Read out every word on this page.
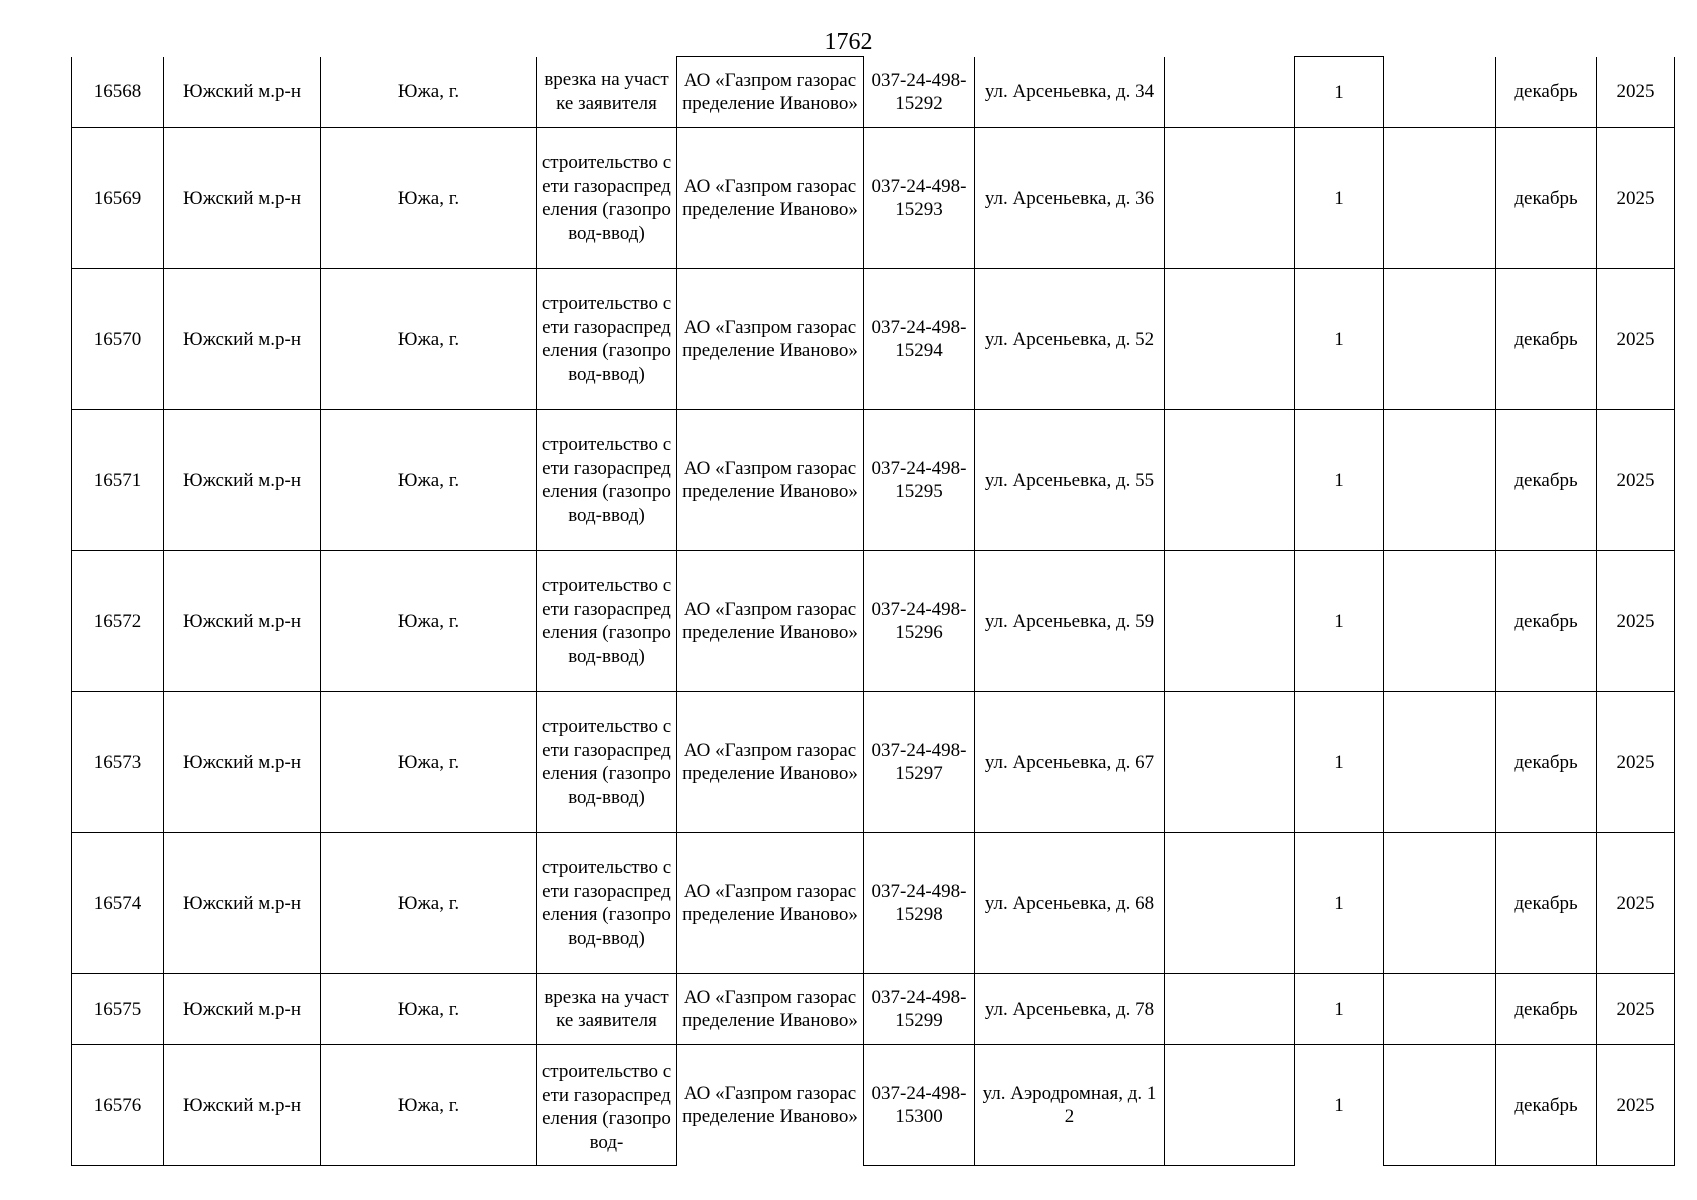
1762
16568	Южский м.р-н	Южа, г.	врезка на участке заявителя	АО «Газпром газораспределение Иваново»	037-24-498-15292	ул. Арсеньевка, д. 34		1		декабрь	2025
16569	Южский м.р-н	Южа, г.	строительство сети газораспределения (газопровод-ввод)	АО «Газпром газораспределение Иваново»	037-24-498-15293	ул. Арсеньевка, д. 36		1		декабрь	2025
16570	Южский м.р-н	Южа, г.	строительство сети газораспределения (газопровод-ввод)	АО «Газпром газораспределение Иваново»	037-24-498-15294	ул. Арсеньевка, д. 52		1		декабрь	2025
16571	Южский м.р-н	Южа, г.	строительство сети газораспределения (газопровод-ввод)	АО «Газпром газораспределение Иваново»	037-24-498-15295	ул. Арсеньевка, д. 55		1		декабрь	2025
16572	Южский м.р-н	Южа, г.	строительство сети газораспределения (газопровод-ввод)	АО «Газпром газораспределение Иваново»	037-24-498-15296	ул. Арсеньевка, д. 59		1		декабрь	2025
16573	Южский м.р-н	Южа, г.	строительство сети газораспределения (газопровод-ввод)	АО «Газпром газораспределение Иваново»	037-24-498-15297	ул. Арсеньевка, д. 67		1		декабрь	2025
16574	Южский м.р-н	Южа, г.	строительство сети газораспределения (газопровод-ввод)	АО «Газпром газораспределение Иваново»	037-24-498-15298	ул. Арсеньевка, д. 68		1		декабрь	2025
16575	Южский м.р-н	Южа, г.	врезка на участке заявителя	АО «Газпром газораспределение Иваново»	037-24-498-15299	ул. Арсеньевка, д. 78		1		декабрь	2025
16576	Южский м.р-н	Южа, г.	строительство сети газораспределения (газопровод-	АО «Газпром газораспределение Иваново»	037-24-498-15300	ул. Аэродромная, д. 12		1		декабрь	2025
